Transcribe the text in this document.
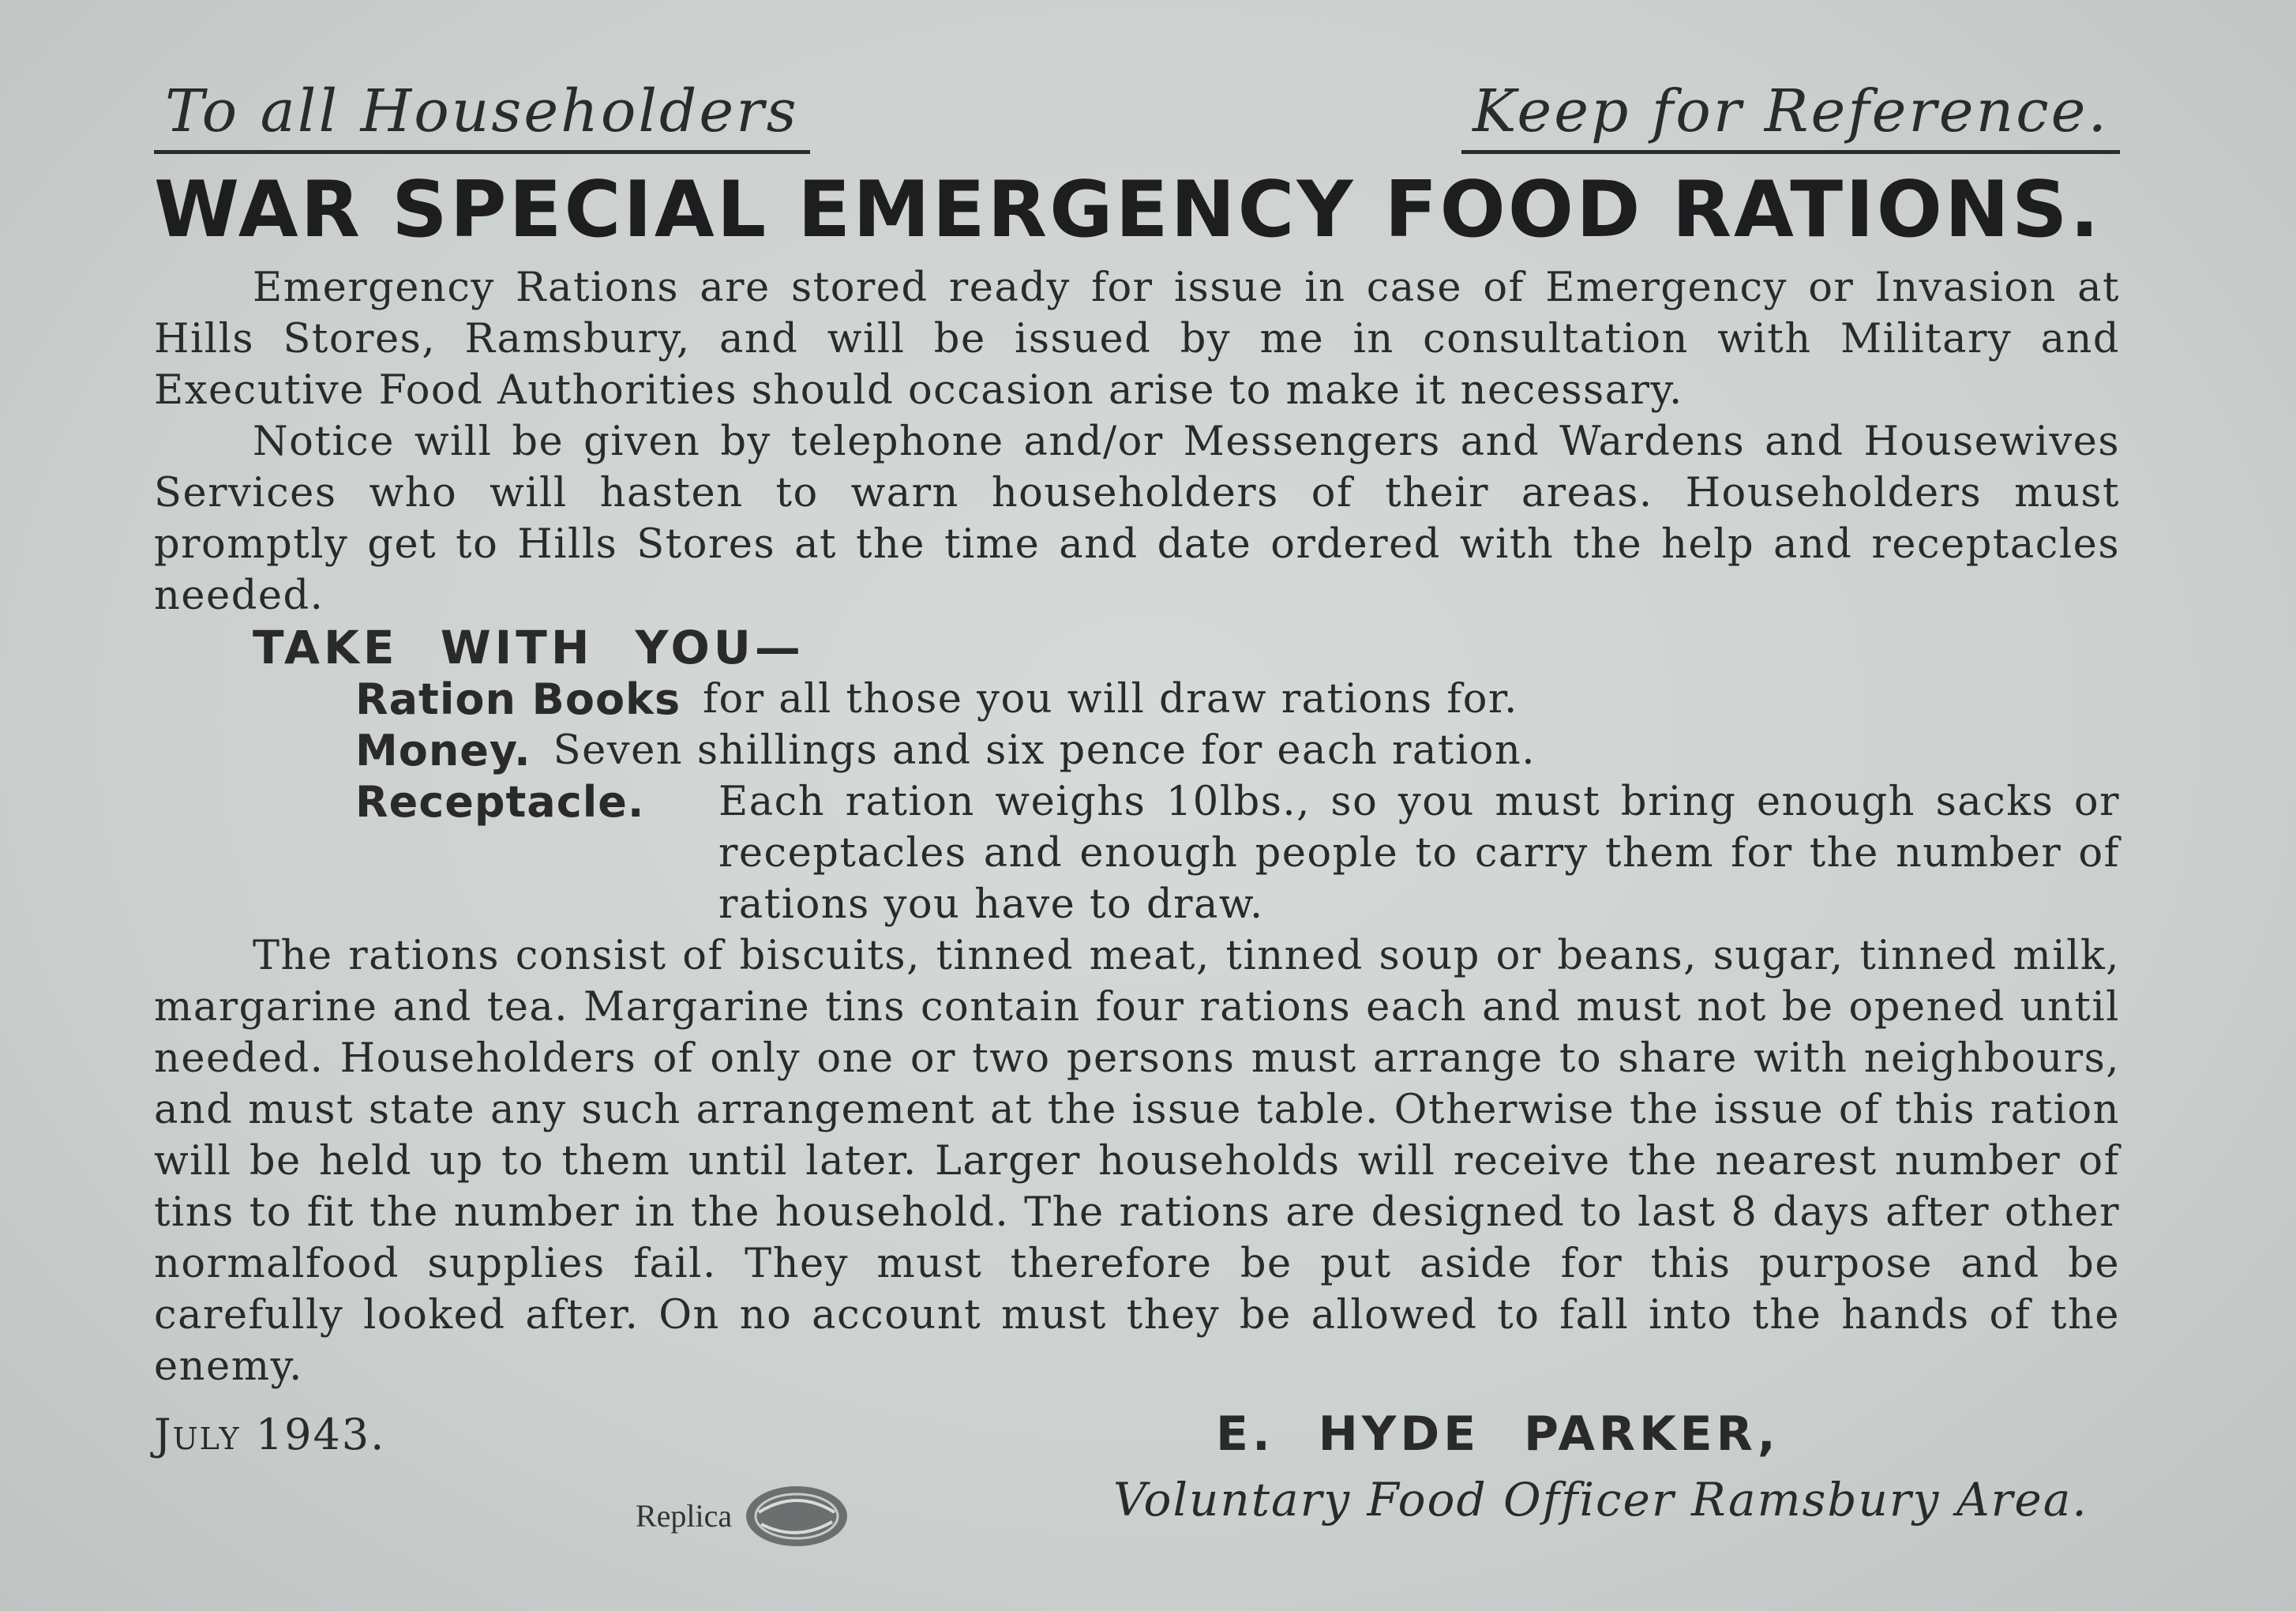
To all Householders	Keep for Reference.
WAR SPECIAL EMERGENCY FOOD RATIONS.

Emergency Rations are stored ready for issue in case of Emergency or Invasion at Hills Stores, Ramsbury, and will be issued by me in consultation with Military and Executive Food Authorities should occasion arise to make it necessary.

Notice will be given by telephone and/or Messengers and Wardens and Housewives Services who will hasten to warn householders of their areas. Householders must promptly get to Hills Stores at the time and date ordered with the help and receptacles needed.

TAKE WITH YOU—
Ration Books for all those you will draw rations for.
Money. Seven shillings and six pence for each ration.
Receptacle.	Each ration weighs 10lbs., so you must bring enough sacks or receptacles and enough people to carry them for the number of rations you have to draw.

The rations consist of biscuits, tinned meat, tinned soup or beans, sugar, tinned milk, margarine and tea. Margarine tins contain four rations each and must not be opened until needed. Householders of only one or two persons must arrange to share with neighbours, and must state any such arrangement at the issue table. Otherwise the issue of this ration will be held up to them until later. Larger households will receive the nearest number of tins to fit the number in the household. The rations are designed to last 8 days after other normalfood supplies fail. They must therefore be put aside for this purpose and be carefully looked after. On no account must they be allowed to fall into the hands of the enemy.

July 1943.
Replica
E. HYDE PARKER,
Voluntary Food Officer Ramsbury Area.
